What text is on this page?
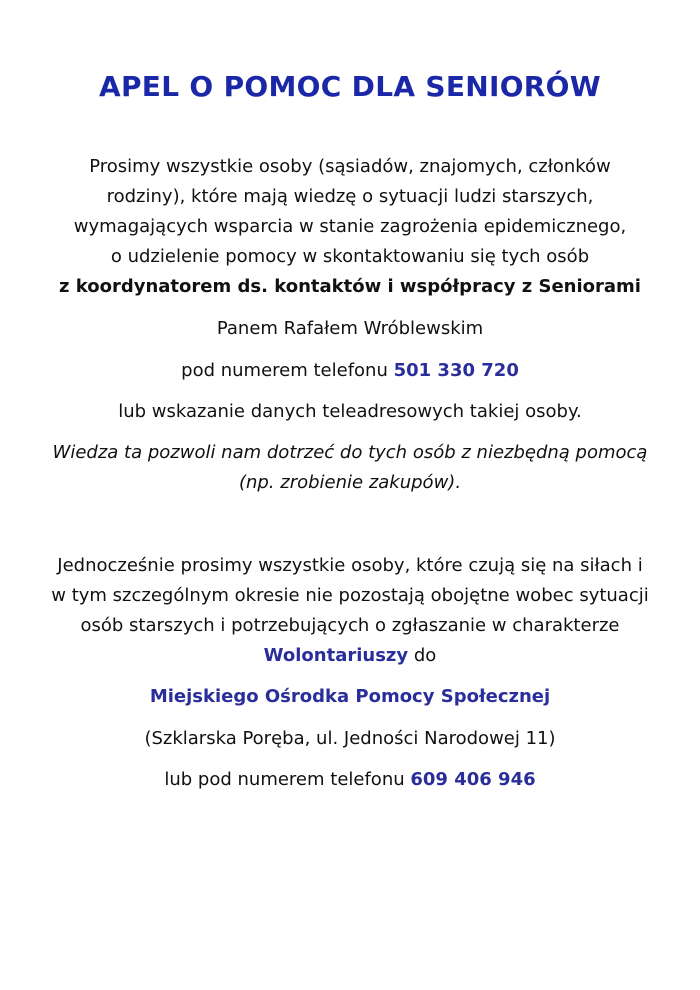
APEL O POMOC DLA SENIORÓW
Prosimy wszystkie osoby (sąsiadów, znajomych, członków
rodziny), które mają wiedzę o sytuacji ludzi starszych,
wymagających wsparcia w stanie zagrożenia epidemicznego,
o udzielenie pomocy w skontaktowaniu się tych osób
z koordynatorem ds. kontaktów i współpracy z Seniorami
Panem Rafałem Wróblewskim
pod numerem telefonu 501 330 720
lub wskazanie danych teleadresowych takiej osoby.
Wiedza ta pozwoli nam dotrzeć do tych osób z niezbędną pomocą
(np. zrobienie zakupów).
Jednocześnie prosimy wszystkie osoby, które czują się na siłach i
w tym szczególnym okresie nie pozostają obojętne wobec sytuacji
osób starszych i potrzebujących o zgłaszanie w charakterze
Wolontariuszy do
Miejskiego Ośrodka Pomocy Społecznej
(Szklarska Poręba, ul. Jedności Narodowej 11)
lub pod numerem telefonu 609 406 946
